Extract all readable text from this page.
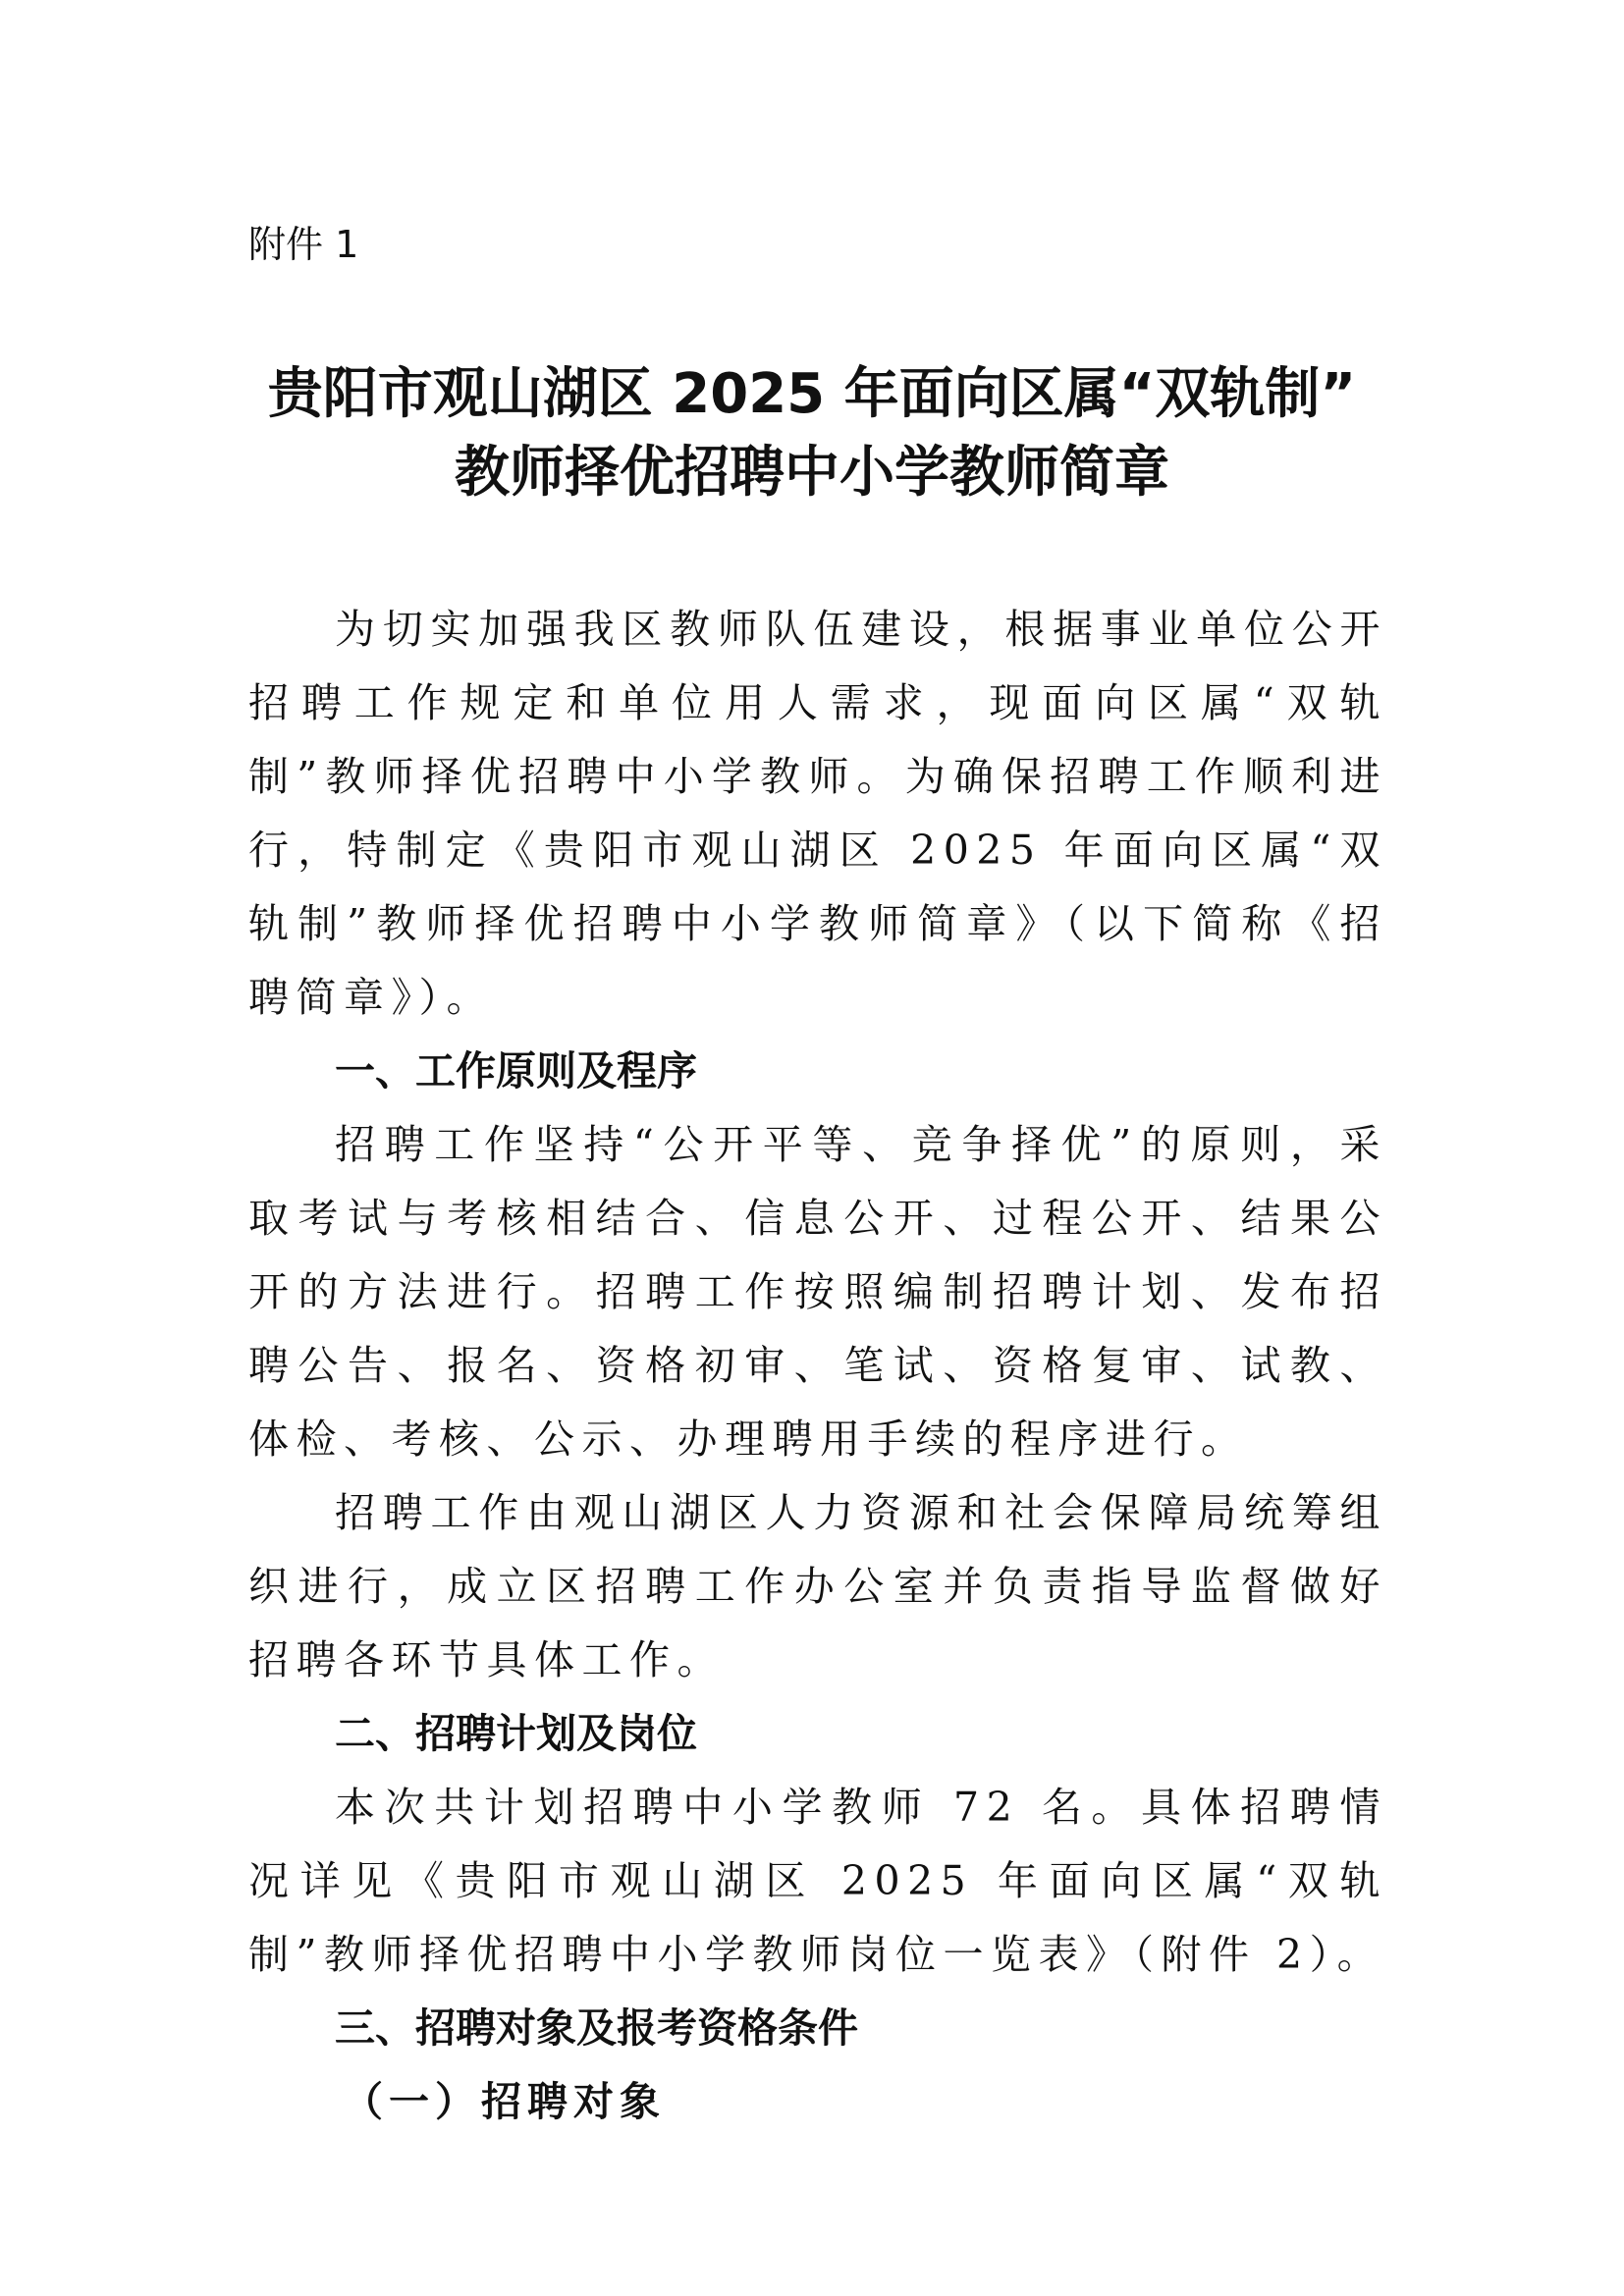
附件 1
贵阳市观山湖区 2025 年面向区属“双轨制”
教师择优招聘中小学教师简章

为切实加强我区教师队伍建设，根据事业单位公开招聘工作规定和单位用人需求，现面向区属“双轨制”教师择优招聘中小学教师。为确保招聘工作顺利进行，特制定《贵阳市观山湖区 2025 年面向区属“双轨制”教师择优招聘中小学教师简章》（以下简称《招聘简章》）。

一、工作原则及程序

招聘工作坚持“公开平等、竞争择优”的原则，采取考试与考核相结合、信息公开、过程公开、结果公开的方法进行。招聘工作按照编制招聘计划、发布招聘公告、报名、资格初审、笔试、资格复审、试教、体检、考核、公示、办理聘用手续的程序进行。

招聘工作由观山湖区人力资源和社会保障局统筹组织进行，成立区招聘工作办公室并负责指导监督做好招聘各环节具体工作。

二、招聘计划及岗位

本次共计划招聘中小学教师 72 名。具体招聘情况详见《贵阳市观山湖区 2025 年面向区属“双轨制”教师择优招聘中小学教师岗位一览表》（附件 2）。

三、招聘对象及报考资格条件
（一）招聘对象
